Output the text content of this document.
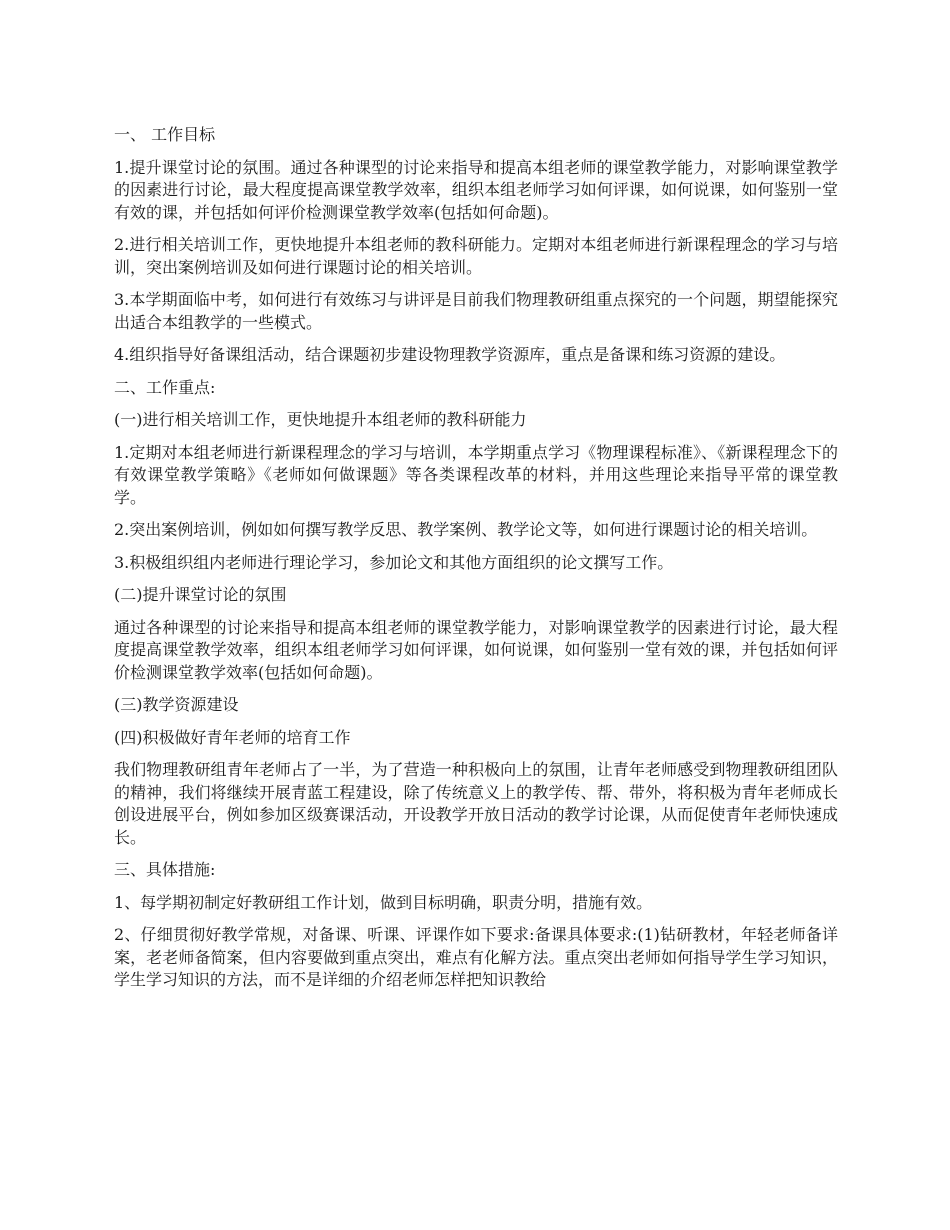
一、 工作目标

1.提升课堂讨论的氛围。通过各种课型的讨论来指导和提高本组老师的课堂教学能力，对影响课堂教学的因素进行讨论，最大程度提高课堂教学效率，组织本组老师学习如何评课，如何说课，如何鉴别一堂有效的课，并包括如何评价检测课堂教学效率(包括如何命题)。

2.进行相关培训工作，更快地提升本组老师的教科研能力。定期对本组老师进行新课程理念的学习与培训，突出案例培训及如何进行课题讨论的相关培训。

3.本学期面临中考，如何进行有效练习与讲评是目前我们物理教研组重点探究的一个问题，期望能探究出适合本组教学的一些模式。

4.组织指导好备课组活动，结合课题初步建设物理教学资源库，重点是备课和练习资源的建设。

二、工作重点:

(一)进行相关培训工作，更快地提升本组老师的教科研能力

1.定期对本组老师进行新课程理念的学习与培训，本学期重点学习《物理课程标准》、《新课程理念下的有效课堂教学策略》《老师如何做课题》等各类课程改革的材料，并用这些理论来指导平常的课堂教学。

2.突出案例培训，例如如何撰写教学反思、教学案例、教学论文等，如何进行课题讨论的相关培训。

3.积极组织组内老师进行理论学习，参加论文和其他方面组织的论文撰写工作。

(二)提升课堂讨论的氛围

通过各种课型的讨论来指导和提高本组老师的课堂教学能力，对影响课堂教学的因素进行讨论，最大程度提高课堂教学效率，组织本组老师学习如何评课，如何说课，如何鉴别一堂有效的课，并包括如何评价检测课堂教学效率(包括如何命题)。

(三)教学资源建设

(四)积极做好青年老师的培育工作

我们物理教研组青年老师占了一半，为了营造一种积极向上的氛围，让青年老师感受到物理教研组团队的精神，我们将继续开展青蓝工程建设，除了传统意义上的教学传、帮、带外，将积极为青年老师成长创设进展平台，例如参加区级赛课活动，开设教学开放日活动的教学讨论课，从而促使青年老师快速成长。

三、具体措施:

1、每学期初制定好教研组工作计划，做到目标明确，职责分明，措施有效。

2、仔细贯彻好教学常规，对备课、听课、评课作如下要求:备课具体要求:(1)钻研教材，年轻老师备详案，老老师备简案，但内容要做到重点突出，难点有化解方法。重点突出老师如何指导学生学习知识，学生学习知识的方法，而不是详细的介绍老师怎样把知识教给
